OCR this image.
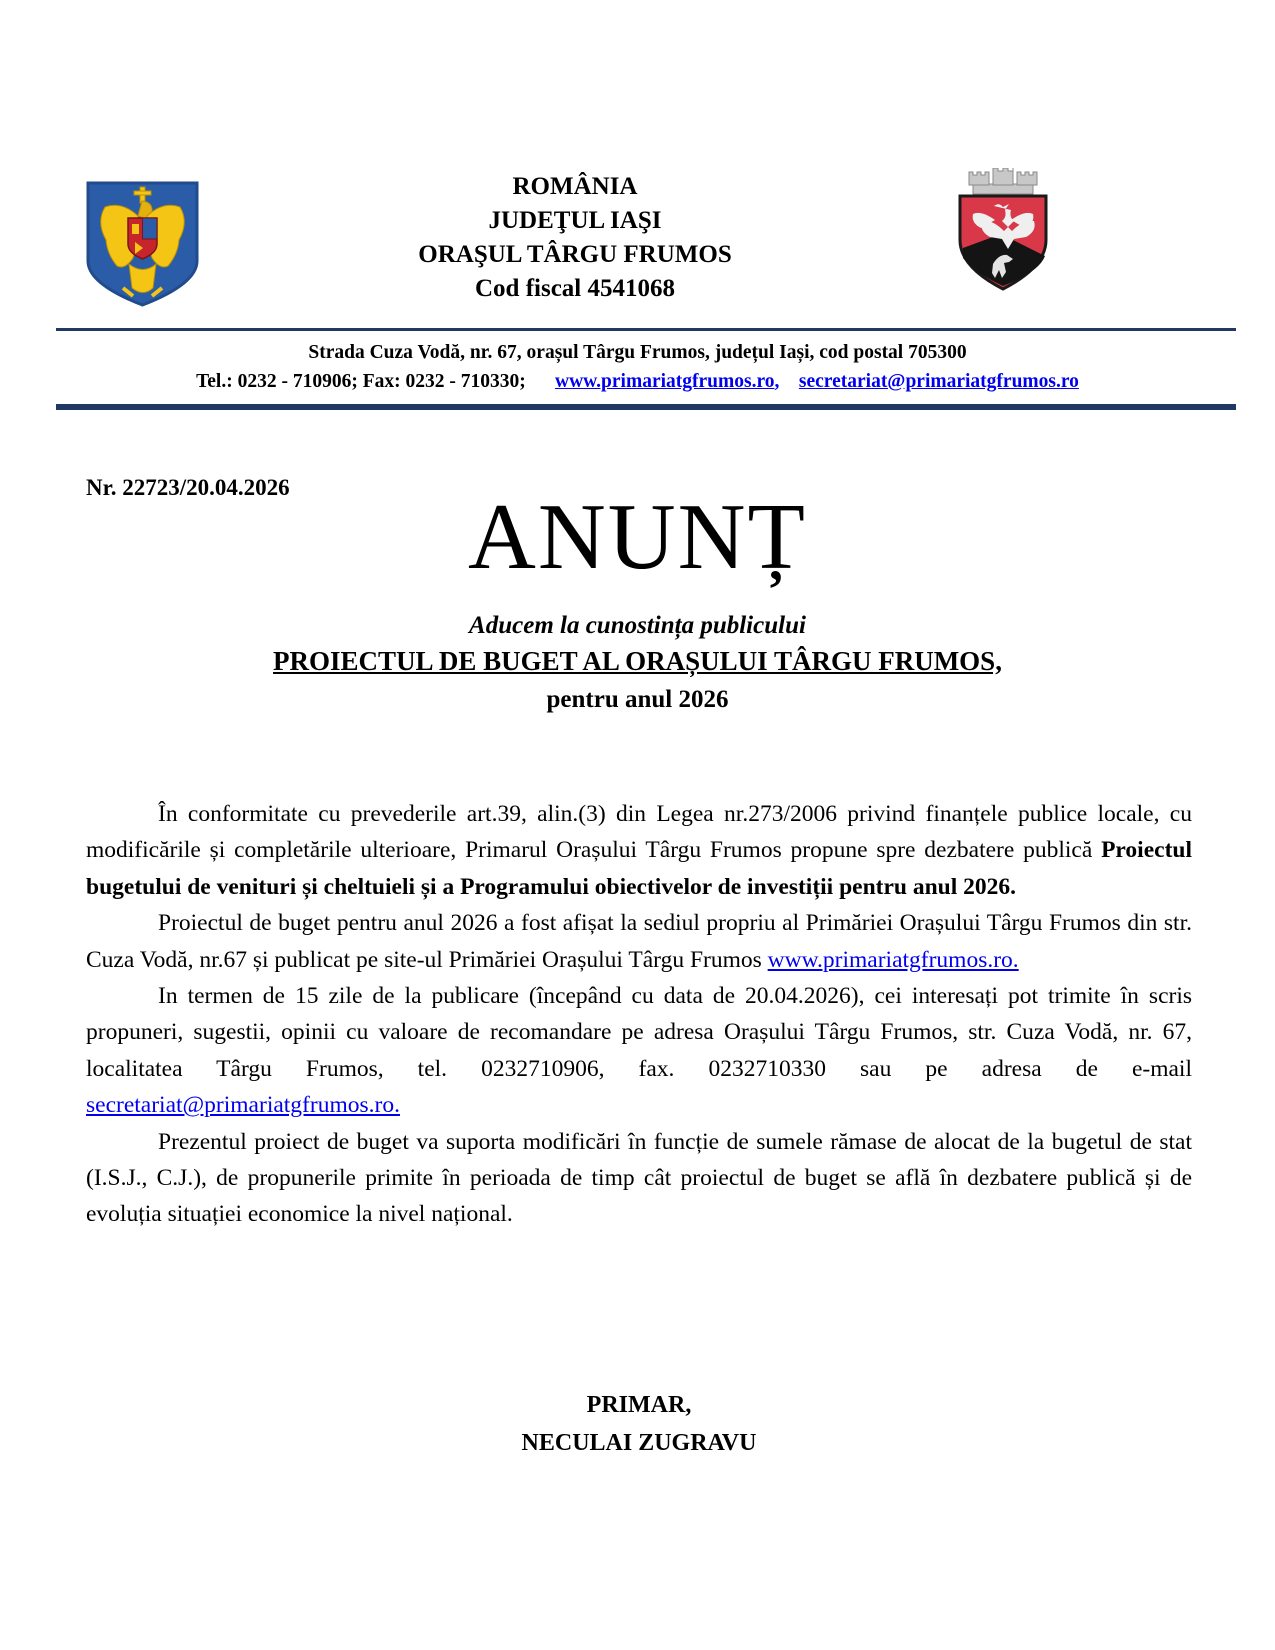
ROMÂNIA
JUDEŢUL IAŞI
ORAŞUL TÂRGU FRUMOS
Cod fiscal 4541068
Strada Cuza Vodă, nr. 67, orașul Târgu Frumos, județul Iași, cod postal 705300
Tel.: 0232 - 710906; Fax: 0232 - 710330; www.primariatgfrumos.ro, secretariat@primariatgfrumos.ro
Nr. 22723/20.04.2026	ANUNȚ
Aducem la cunostința publicului
PROIECTUL DE BUGET AL ORAȘULUI TÂRGU FRUMOS,
pentru anul 2026

În conformitate cu prevederile art.39, alin.(3) din Legea nr.273/2006 privind finanțele publice locale, cu modificările și completările ulterioare, Primarul Orașului Târgu Frumos propune spre dezbatere publică Proiectul bugetului de venituri și cheltuieli și a Programului obiectivelor de investiții pentru anul 2026.

Proiectul de buget pentru anul 2026 a fost afișat la sediul propriu al Primăriei Orașului Târgu Frumos din str. Cuza Vodă, nr.67 și publicat pe site-ul Primăriei Orașului Târgu Frumos www.primariatgfrumos.ro.

In termen de 15 zile de la publicare (începând cu data de 20.04.2026), cei interesați pot trimite în scris propuneri, sugestii, opinii cu valoare de recomandare pe adresa Orașului Târgu Frumos, str. Cuza Vodă, nr. 67, localitatea Târgu Frumos, tel. 0232710906, fax. 0232710330 sau pe adresa de e-mail secretariat@primariatgfrumos.ro.

Prezentul proiect de buget va suporta modificări în funcție de sumele rămase de alocat de la bugetul de stat (I.S.J., C.J.), de propunerile primite în perioada de timp cât proiectul de buget se află în dezbatere publică și de evoluția situației economice la nivel național.

PRIMAR,
NECULAI ZUGRAVU
